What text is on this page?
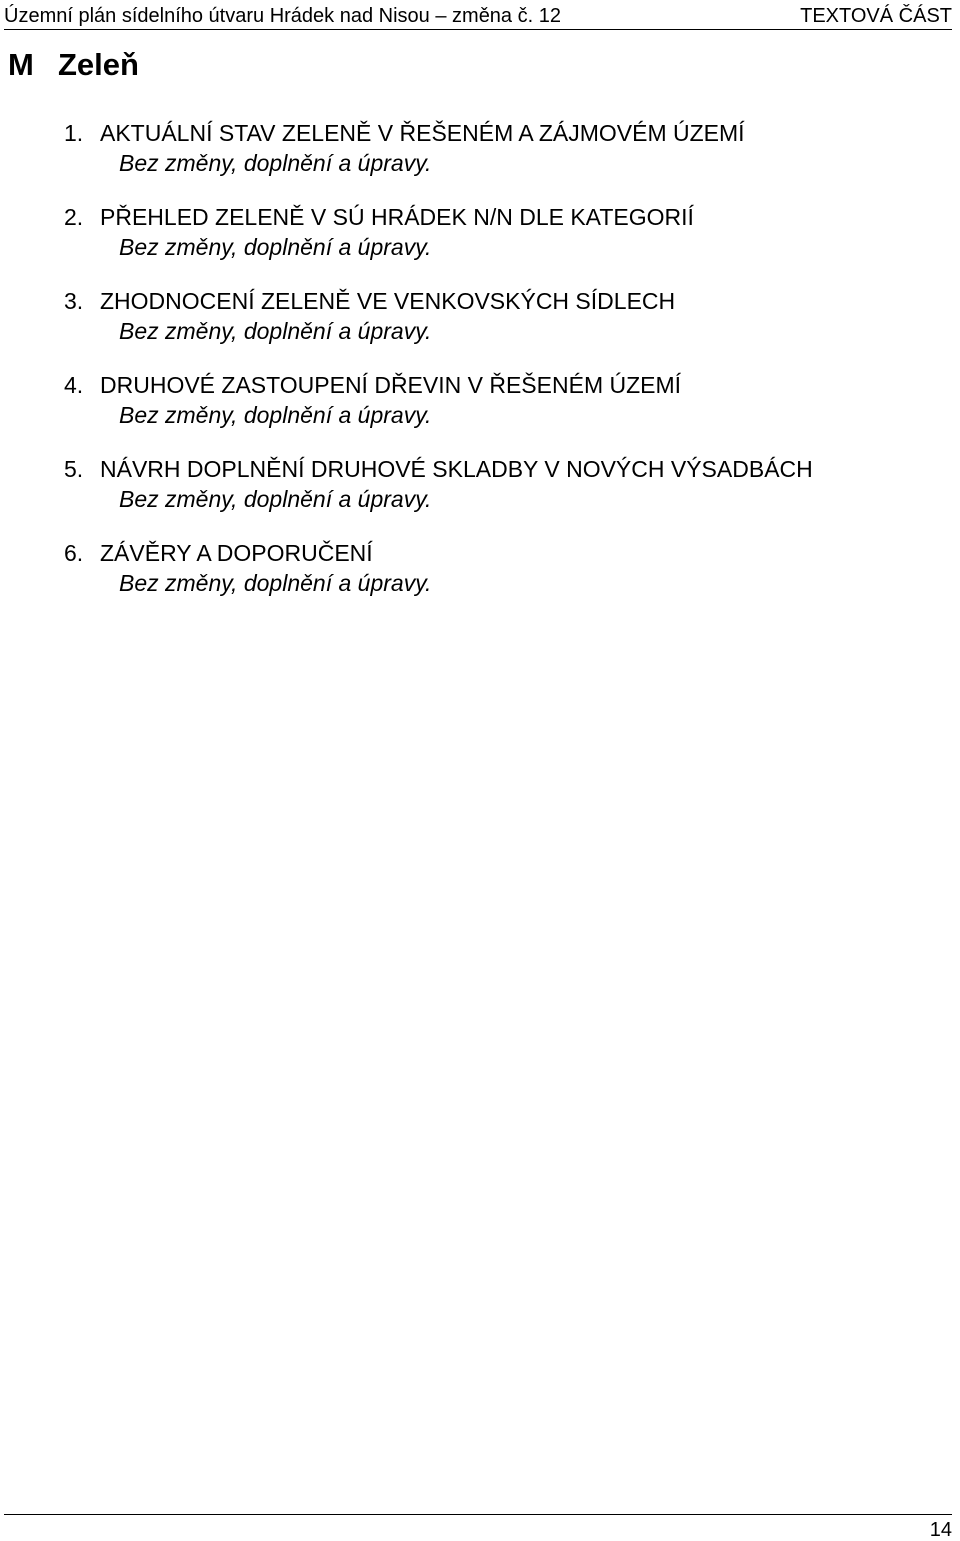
Územní plán sídelního útvaru Hrádek nad Nisou – změna č. 12	TEXTOVÁ ČÁST
M Zeleň
1. AKTUÁLNÍ STAV ZELENĚ V ŘEŠENÉM A ZÁJMOVÉM ÚZEMÍ
Bez změny, doplnění a úpravy.
2. PŘEHLED ZELENĚ V SÚ HRÁDEK N/N DLE KATEGORIÍ
Bez změny, doplnění a úpravy.
3. ZHODNOCENÍ ZELENĚ VE VENKOVSKÝCH SÍDLECH
Bez změny, doplnění a úpravy.
4. DRUHOVÉ ZASTOUPENÍ DŘEVIN V ŘEŠENÉM ÚZEMÍ
Bez změny, doplnění a úpravy.
5. NÁVRH DOPLNĚNÍ DRUHOVÉ SKLADBY V NOVÝCH VÝSADBÁCH
Bez změny, doplnění a úpravy.
6. ZÁVĚRY A DOPORUČENÍ
Bez změny, doplnění a úpravy.
14
